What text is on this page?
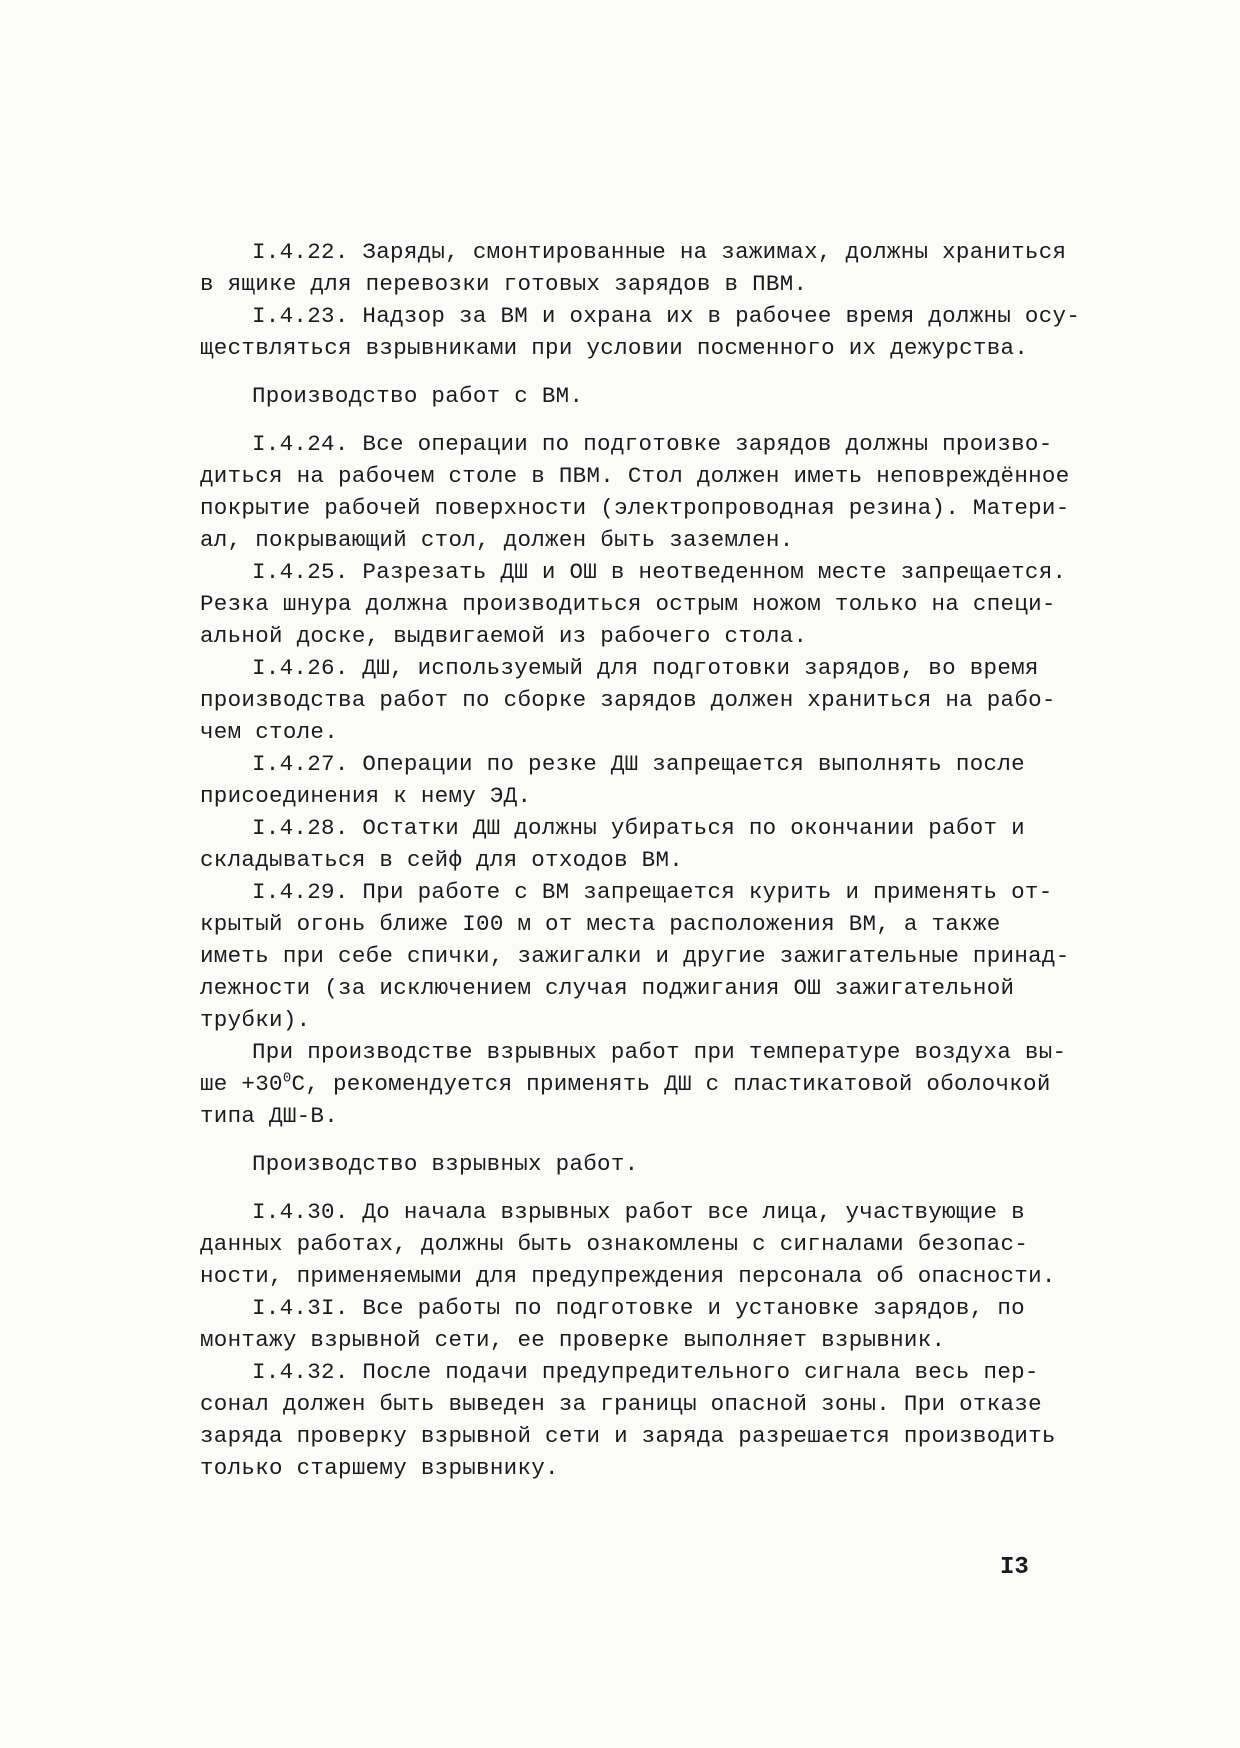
I.4.22. Заряды, смонтированные на зажимах, должны храниться
в ящике для перевозки готовых зарядов в ПВМ.
I.4.23. Надзор за ВМ и охрана их в рабочее время должны осу-
ществляться взрывниками при условии посменного их дежурства.
Производство работ с ВМ.
I.4.24. Все операции по подготовке зарядов должны произво-
диться на рабочем столе в ПВМ. Стол должен иметь неповреждённое
покрытие рабочей поверхности (электропроводная резина). Матери-
ал, покрывающий стол, должен быть заземлен.
I.4.25. Разрезать ДШ и ОШ в неотведенном месте запрещается.
Резка шнура должна производиться острым ножом только на специ-
альной доске, выдвигаемой из рабочего стола.
I.4.26. ДШ, используемый для подготовки зарядов, во время
производства работ по сборке зарядов должен храниться на рабо-
чем столе.
I.4.27. Операции по резке ДШ запрещается выполнять после
присоединения к нему ЭД.
I.4.28. Остатки ДШ должны убираться по окончании работ и
складываться в сейф для отходов ВМ.
I.4.29. При работе с ВМ запрещается курить и применять от-
крытый огонь ближе I00 м от места расположения ВМ, а также
иметь при себе спички, зажигалки и другие зажигательные принад-
лежности (за исключением случая поджигания ОШ зажигательной
трубки).
При производстве взрывных работ при температуре воздуха вы-
ше $+30^0С$, рекомендуется применять ДШ с пластикатовой оболочкой
типа ДШ-В.
Производство взрывных работ.
I.4.30. До начала взрывных работ все лица, участвующие в
данных работах, должны быть ознакомлены с сигналами безопас-
ности, применяемыми для предупреждения персонала об опасности.
I.4.3I. Все работы по подготовке и установке зарядов, по
монтажу взрывной сети, ее проверке выполняет взрывник.
I.4.32. После подачи предупредительного сигнала весь пер-
сонал должен быть выведен за границы опасной зоны. При отказе
заряда проверку взрывной сети и заряда разрешается производить
только старшему взрывнику.
I3
